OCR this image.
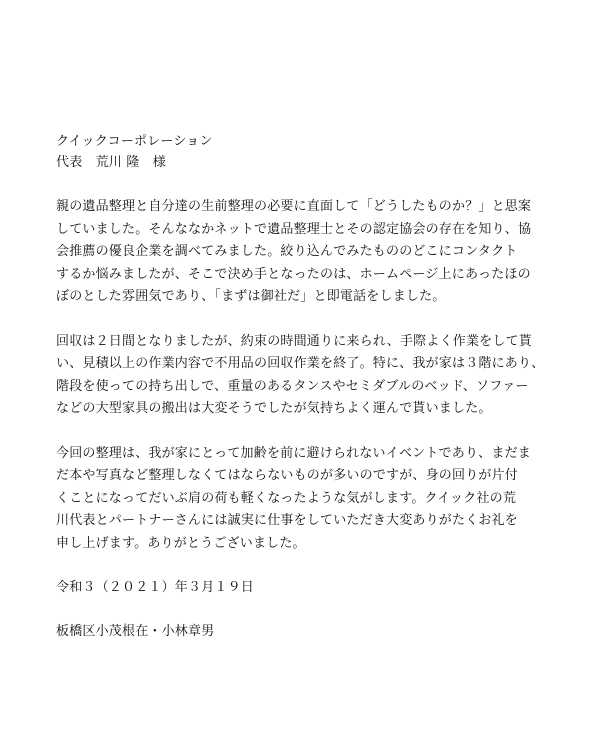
クイックコーポレーション
代表　荒川 隆　様
親の遺品整理と自分達の生前整理の必要に直面して「どうしたものか？」と思案
していました。そんななかネットで遺品整理士とその認定協会の存在を知り、協
会推薦の優良企業を調べてみました。絞り込んでみたもののどこにコンタクト
するか悩みましたが、そこで決め手となったのは、ホームページ上にあったほの
ぼのとした雰囲気であり、「まずは御社だ」と即電話をしました。
回収は２日間となりましたが、約束の時間通りに来られ、手際よく作業をして貰
い、見積以上の作業内容で不用品の回収作業を終了。特に、我が家は３階にあり、
階段を使っての持ち出しで、重量のあるタンスやセミダブルのベッド、ソファー
などの大型家具の搬出は大変そうでしたが気持ちよく運んで貰いました。
今回の整理は、我が家にとって加齢を前に避けられないイベントであり、まだま
だ本や写真など整理しなくてはならないものが多いのですが、身の回りが片付
くことになってだいぶ肩の荷も軽くなったような気がします。クイック社の荒
川代表とパートナーさんには誠実に仕事をしていただき大変ありがたくお礼を
申し上げます。ありがとうございました。
令和３（２０２１）年３月１９日
板橋区小茂根在・小林章男
